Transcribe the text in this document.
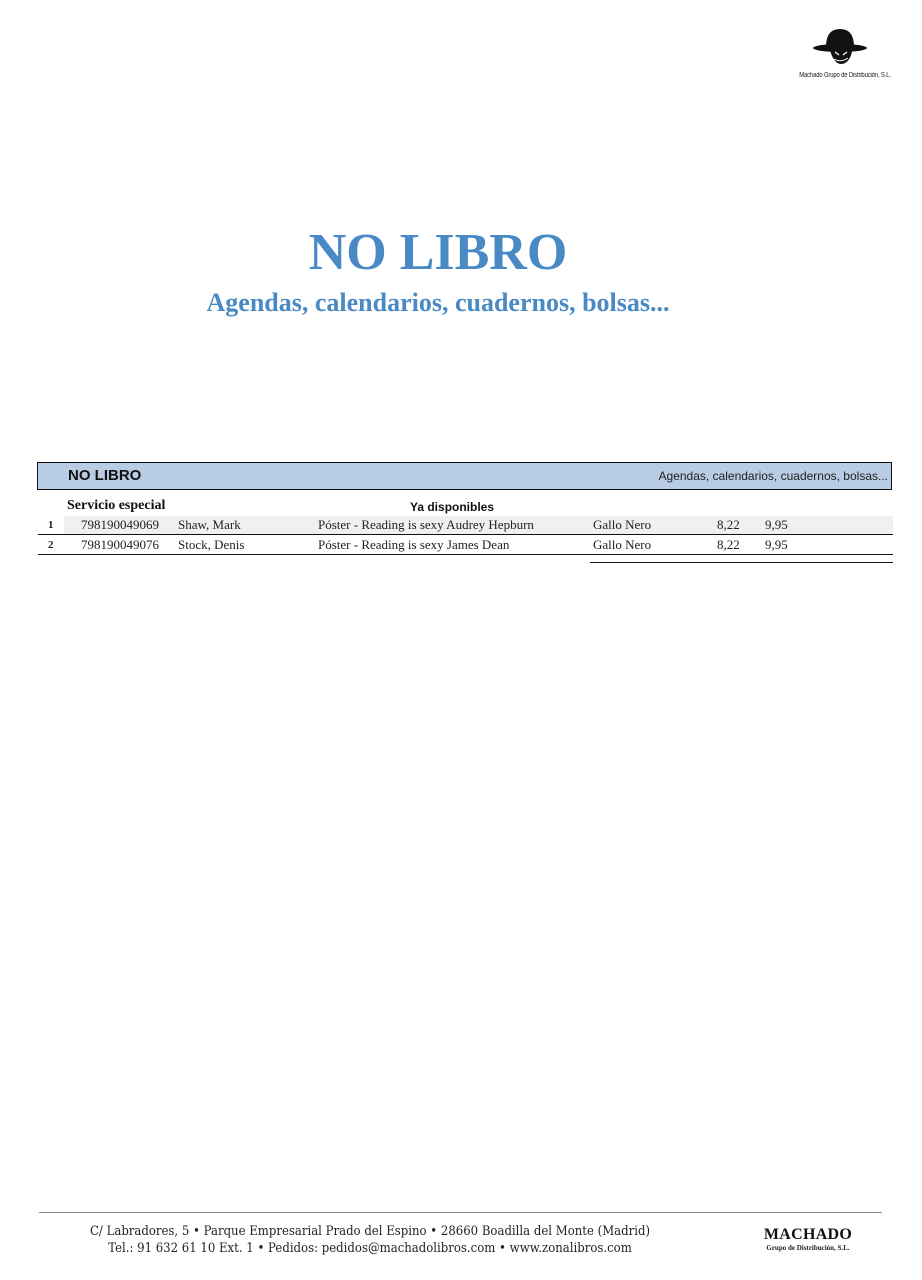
Machado Grupo de Distribución, S.L.
NO LIBRO
Agendas, calendarios, cuadernos, bolsas...
NO LIBRO	Agendas, calendarios, cuadernos, bolsas...
Servicio especial	Ya disponibles
1 798190049069 Shaw, Mark	Póster - Reading is sexy Audrey Hepburn	Gallo Nero	8,22 9,95
2 798190049076 Stock, Denis	Póster - Reading is sexy James Dean	Gallo Nero	8,22 9,95
C/ Labradores, 5 • Parque Empresarial Prado del Espino • 28660 Boadilla del Monte (Madrid)
Tel.: 91 632 61 10 Ext. 1 • Pedidos: pedidos@machadolibros.com • www.zonalibros.com
MACHADO
Grupo de Distribución, S.L.
